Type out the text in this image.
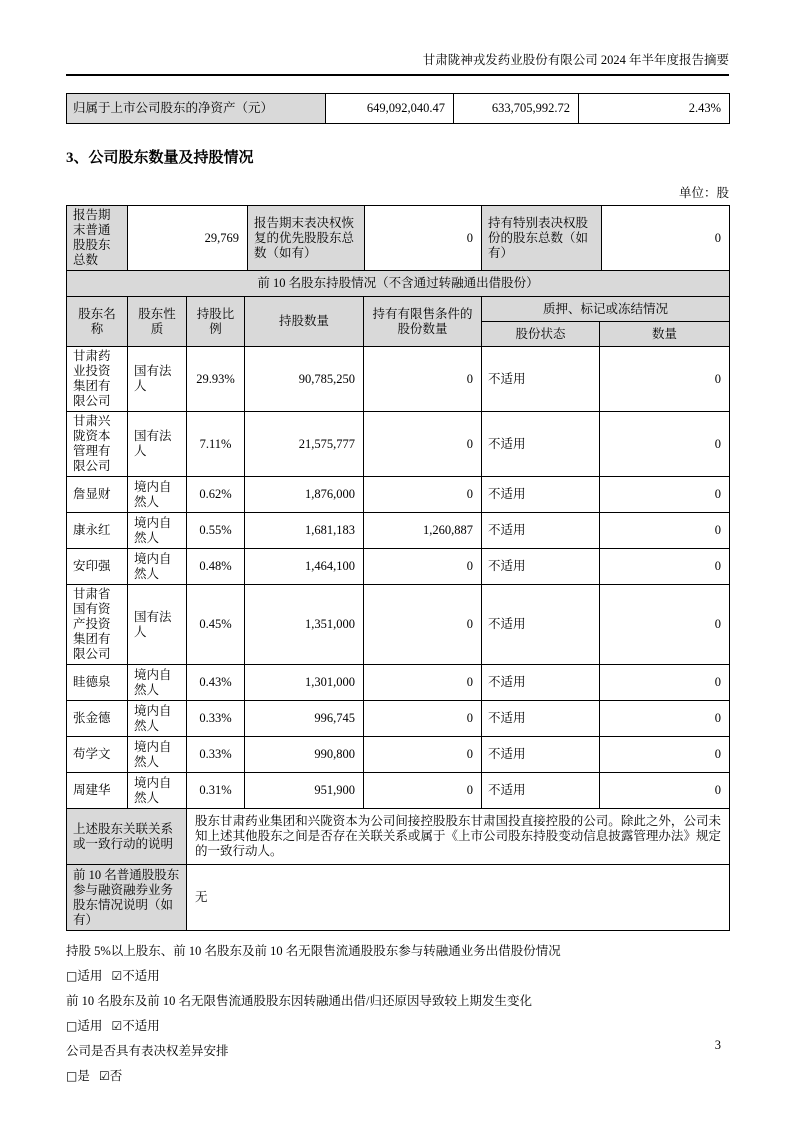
甘肃陇神戎发药业股份有限公司 2024 年半年度报告摘要
归属于上市公司股东的净资产（元）	649,092,040.47	633,705,992.72	2.43%
3、公司股东数量及持股情况
单位：股
报告期末普通股股东总数	29,769	报告期末表决权恢复的优先股股东总数（如有）	0	持有特别表决权股份的股东总数（如有）	0
前 10 名股东持股情况（不含通过转融通出借股份）
股东名称	股东性质	持股比例	持股数量	持有有限售条件的股份数量	质押、标记或冻结情况	
					股份状态	数量
甘肃药业投资集团有限公司	国有法人	29.93%	90,785,250	0	不适用	0
甘肃兴陇资本管理有限公司	国有法人	7.11%	21,575,777	0	不适用	0
詹显财	境内自然人	0.62%	1,876,000	0	不适用	0
康永红	境内自然人	0.55%	1,681,183	1,260,887	不适用	0
安印强	境内自然人	0.48%	1,464,100	0	不适用	0
甘肃省国有资产投资集团有限公司	国有法人	0.45%	1,351,000	0	不适用	0
眭德泉	境内自然人	0.43%	1,301,000	0	不适用	0
张金德	境内自然人	0.33%	996,745	0	不适用	0
苟学文	境内自然人	0.33%	990,800	0	不适用	0
周建华	境内自然人	0.31%	951,900	0	不适用	0
上述股东关联关系或一致行动的说明		股东甘肃药业集团和兴陇资本为公司间接控股股东甘肃国投直接控股的公司。除此之外，公司未知上述其他股东之间是否存在关联关系或属于《上市公司股东持股变动信息披露管理办法》规定的一致行动人。				
前 10 名普通股股东参与融资融券业务股东情况说明（如有）		无				
持股 5%以上股东、前 10 名股东及前 10 名无限售流通股股东参与转融通业务出借股份情况
□适用 ☑不适用
前 10 名股东及前 10 名无限售流通股股东因转融通出借/归还原因导致较上期发生变化
□适用 ☑不适用
公司是否具有表决权差异安排
□是 ☑否
3
